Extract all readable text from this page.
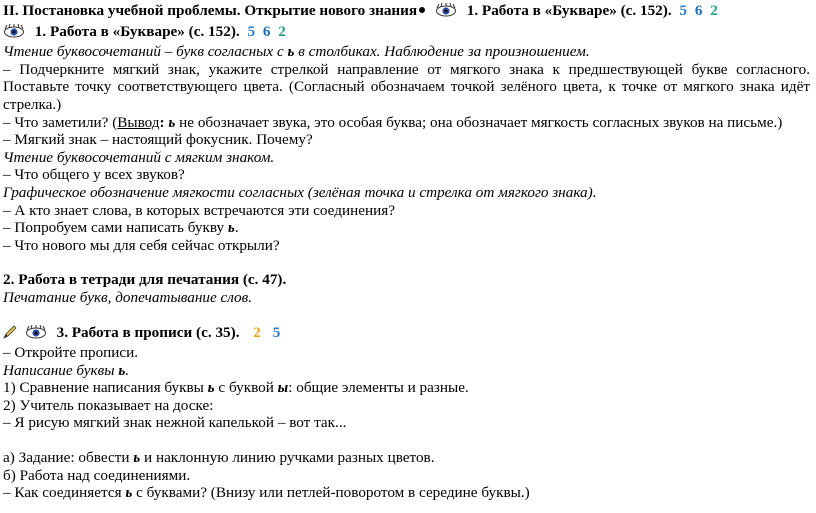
II. Постановка учебной проблемы. Открытие нового знания	1. Работа в «Букваре» (с. 152). 5 6 2
1. Работа в «Букваре» (с. 152). 5 6 2
Чтение буквосочетаний – букв согласных с ь в столбиках. Наблюдение за произношением.
– Подчеркните мягкий знак, укажите стрелкой направление от мягкого знака к предшествующей букве согласного. Поставьте точку соответствующего цвета. (Согласный обозначаем точкой зелёного цвета, к точке от мягкого знака идёт стрелка.)
– Что заметили? (Вывод: ь не обозначает звука, это особая буква; она обозначает мягкость согласных звуков на письме.)
– Мягкий знак – настоящий фокусник. Почему?
Чтение буквосочетаний с мягким знаком.
– Что общего у всех звуков?
Графическое обозначение мягкости согласных (зелёная точка и стрелка от мягкого знака).
– А кто знает слова, в которых встречаются эти соединения?
– Попробуем сами написать букву ь.
– Что нового мы для себя сейчас открыли?
2. Работа в тетради для печатания (с. 47).
Печатание букв, допечатывание слов.
3. Работа в прописи (с. 35). 2 5
– Откройте прописи.
Написание буквы ь.
1) Сравнение написания буквы ь с буквой ы: общие элементы и разные.
2) Учитель показывает на доске:
– Я рисую мягкий знак нежной капелькой – вот так...
а) Задание: обвести ь и наклонную линию ручками разных цветов.
б) Работа над соединениями.
– Как соединяется ь с буквами? (Внизу или петлей-поворотом в середине буквы.)
